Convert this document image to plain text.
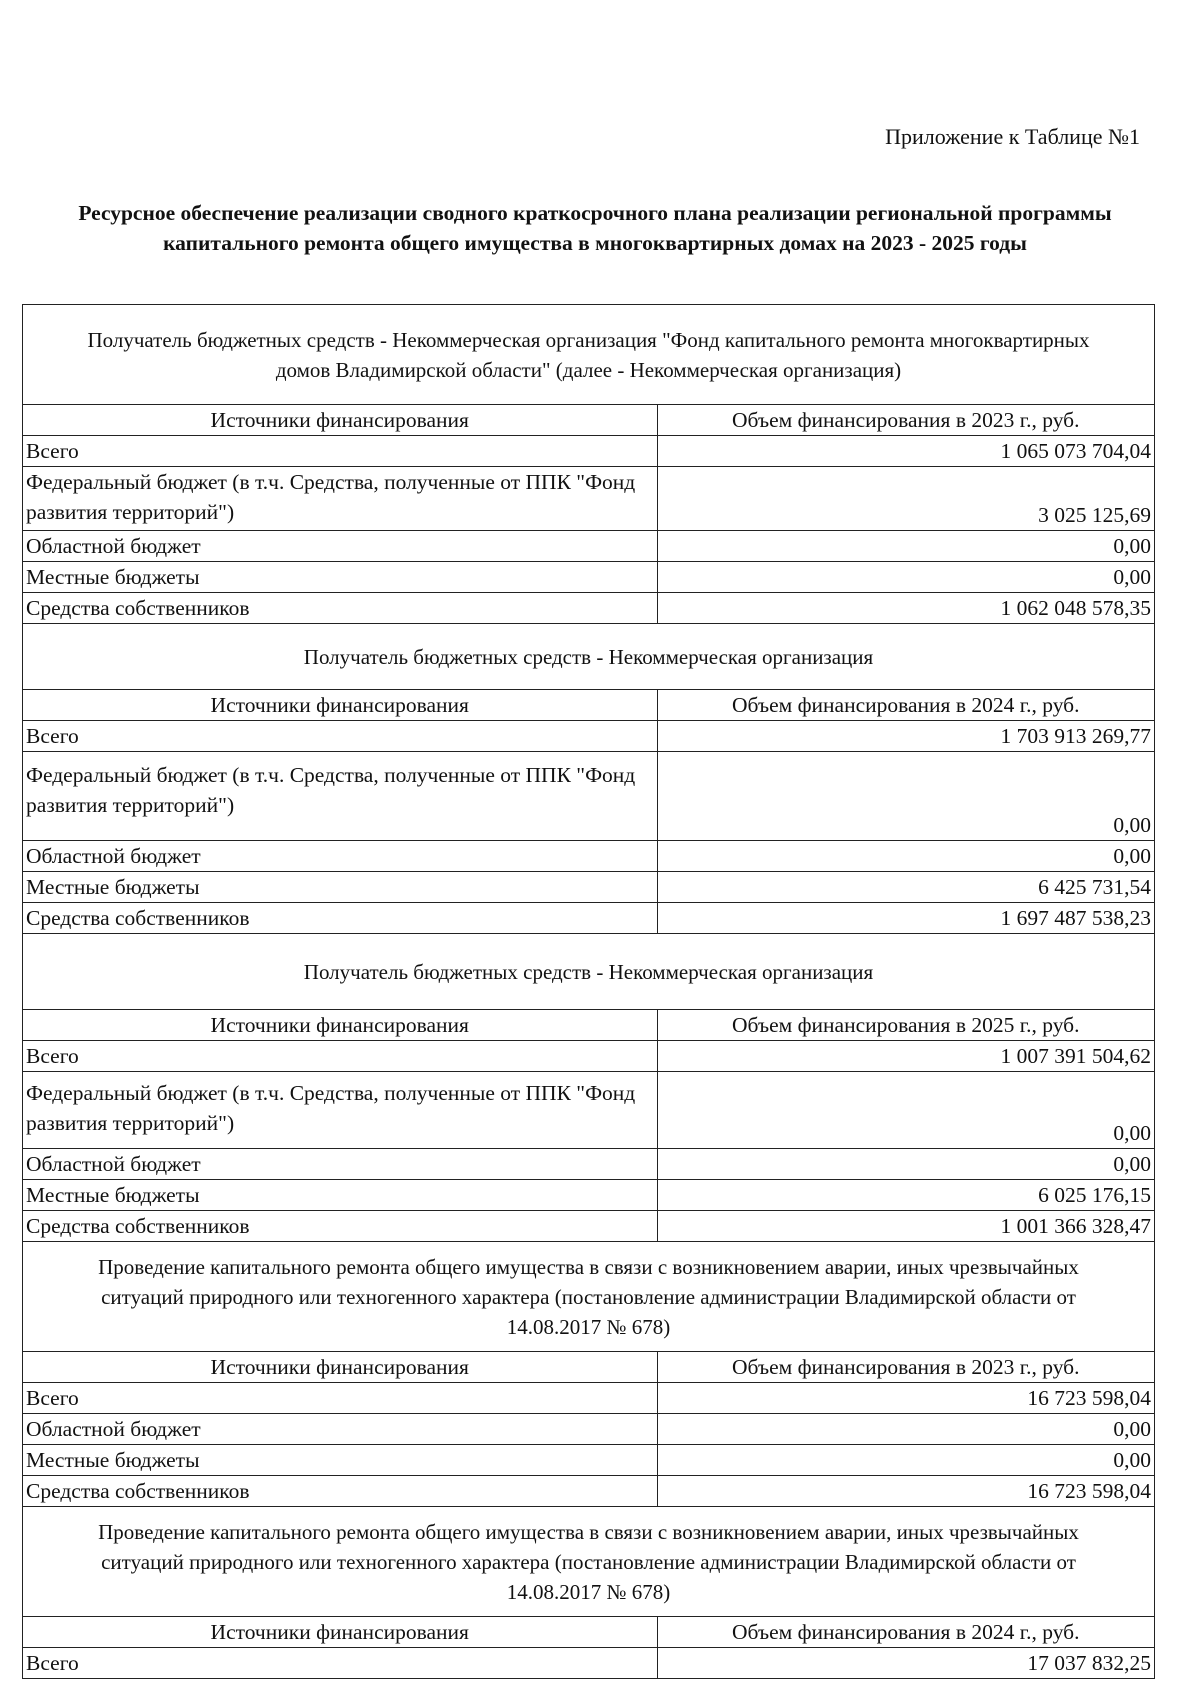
Приложение к Таблице №1
Ресурсное обеспечение реализации сводного краткосрочного плана реализации региональной программы капитального ремонта общего имущества в многоквартирных домах на 2023 - 2025 годы
Получатель бюджетных средств - Некоммерческая организация "Фонд капитального ремонта многоквартирных домов Владимирской области" (далее - Некоммерческая организация)
Источники финансирования	Объем финансирования в 2023 г., руб.
Всего	1 065 073 704,04
Федеральный бюджет (в т.ч. Средства, полученные от ППК "Фонд развития территорий")	3 025 125,69
Областной бюджет	0,00
Местные бюджеты	0,00
Средства собственников	1 062 048 578,35
Получатель бюджетных средств - Некоммерческая организация
Источники финансирования	Объем финансирования в 2024 г., руб.
Всего	1 703 913 269,77
Федеральный бюджет (в т.ч. Средства, полученные от ППК "Фонд развития территорий")	0,00
Областной бюджет	0,00
Местные бюджеты	6 425 731,54
Средства собственников	1 697 487 538,23
Получатель бюджетных средств - Некоммерческая организация
Источники финансирования	Объем финансирования в 2025 г., руб.
Всего	1 007 391 504,62
Федеральный бюджет (в т.ч. Средства, полученные от ППК "Фонд развития территорий")	0,00
Областной бюджет	0,00
Местные бюджеты	6 025 176,15
Средства собственников	1 001 366 328,47
Проведение капитального ремонта общего имущества в связи с возникновением аварии, иных чрезвычайных ситуаций природного или техногенного характера (постановление администрации Владимирской области от 14.08.2017 № 678)
Источники финансирования	Объем финансирования в 2023 г., руб.
Всего	16 723 598,04
Областной бюджет	0,00
Местные бюджеты	0,00
Средства собственников	16 723 598,04
Проведение капитального ремонта общего имущества в связи с возникновением аварии, иных чрезвычайных ситуаций природного или техногенного характера (постановление администрации Владимирской области от 14.08.2017 № 678)
Источники финансирования	Объем финансирования в 2024 г., руб.
Всего	17 037 832,25
